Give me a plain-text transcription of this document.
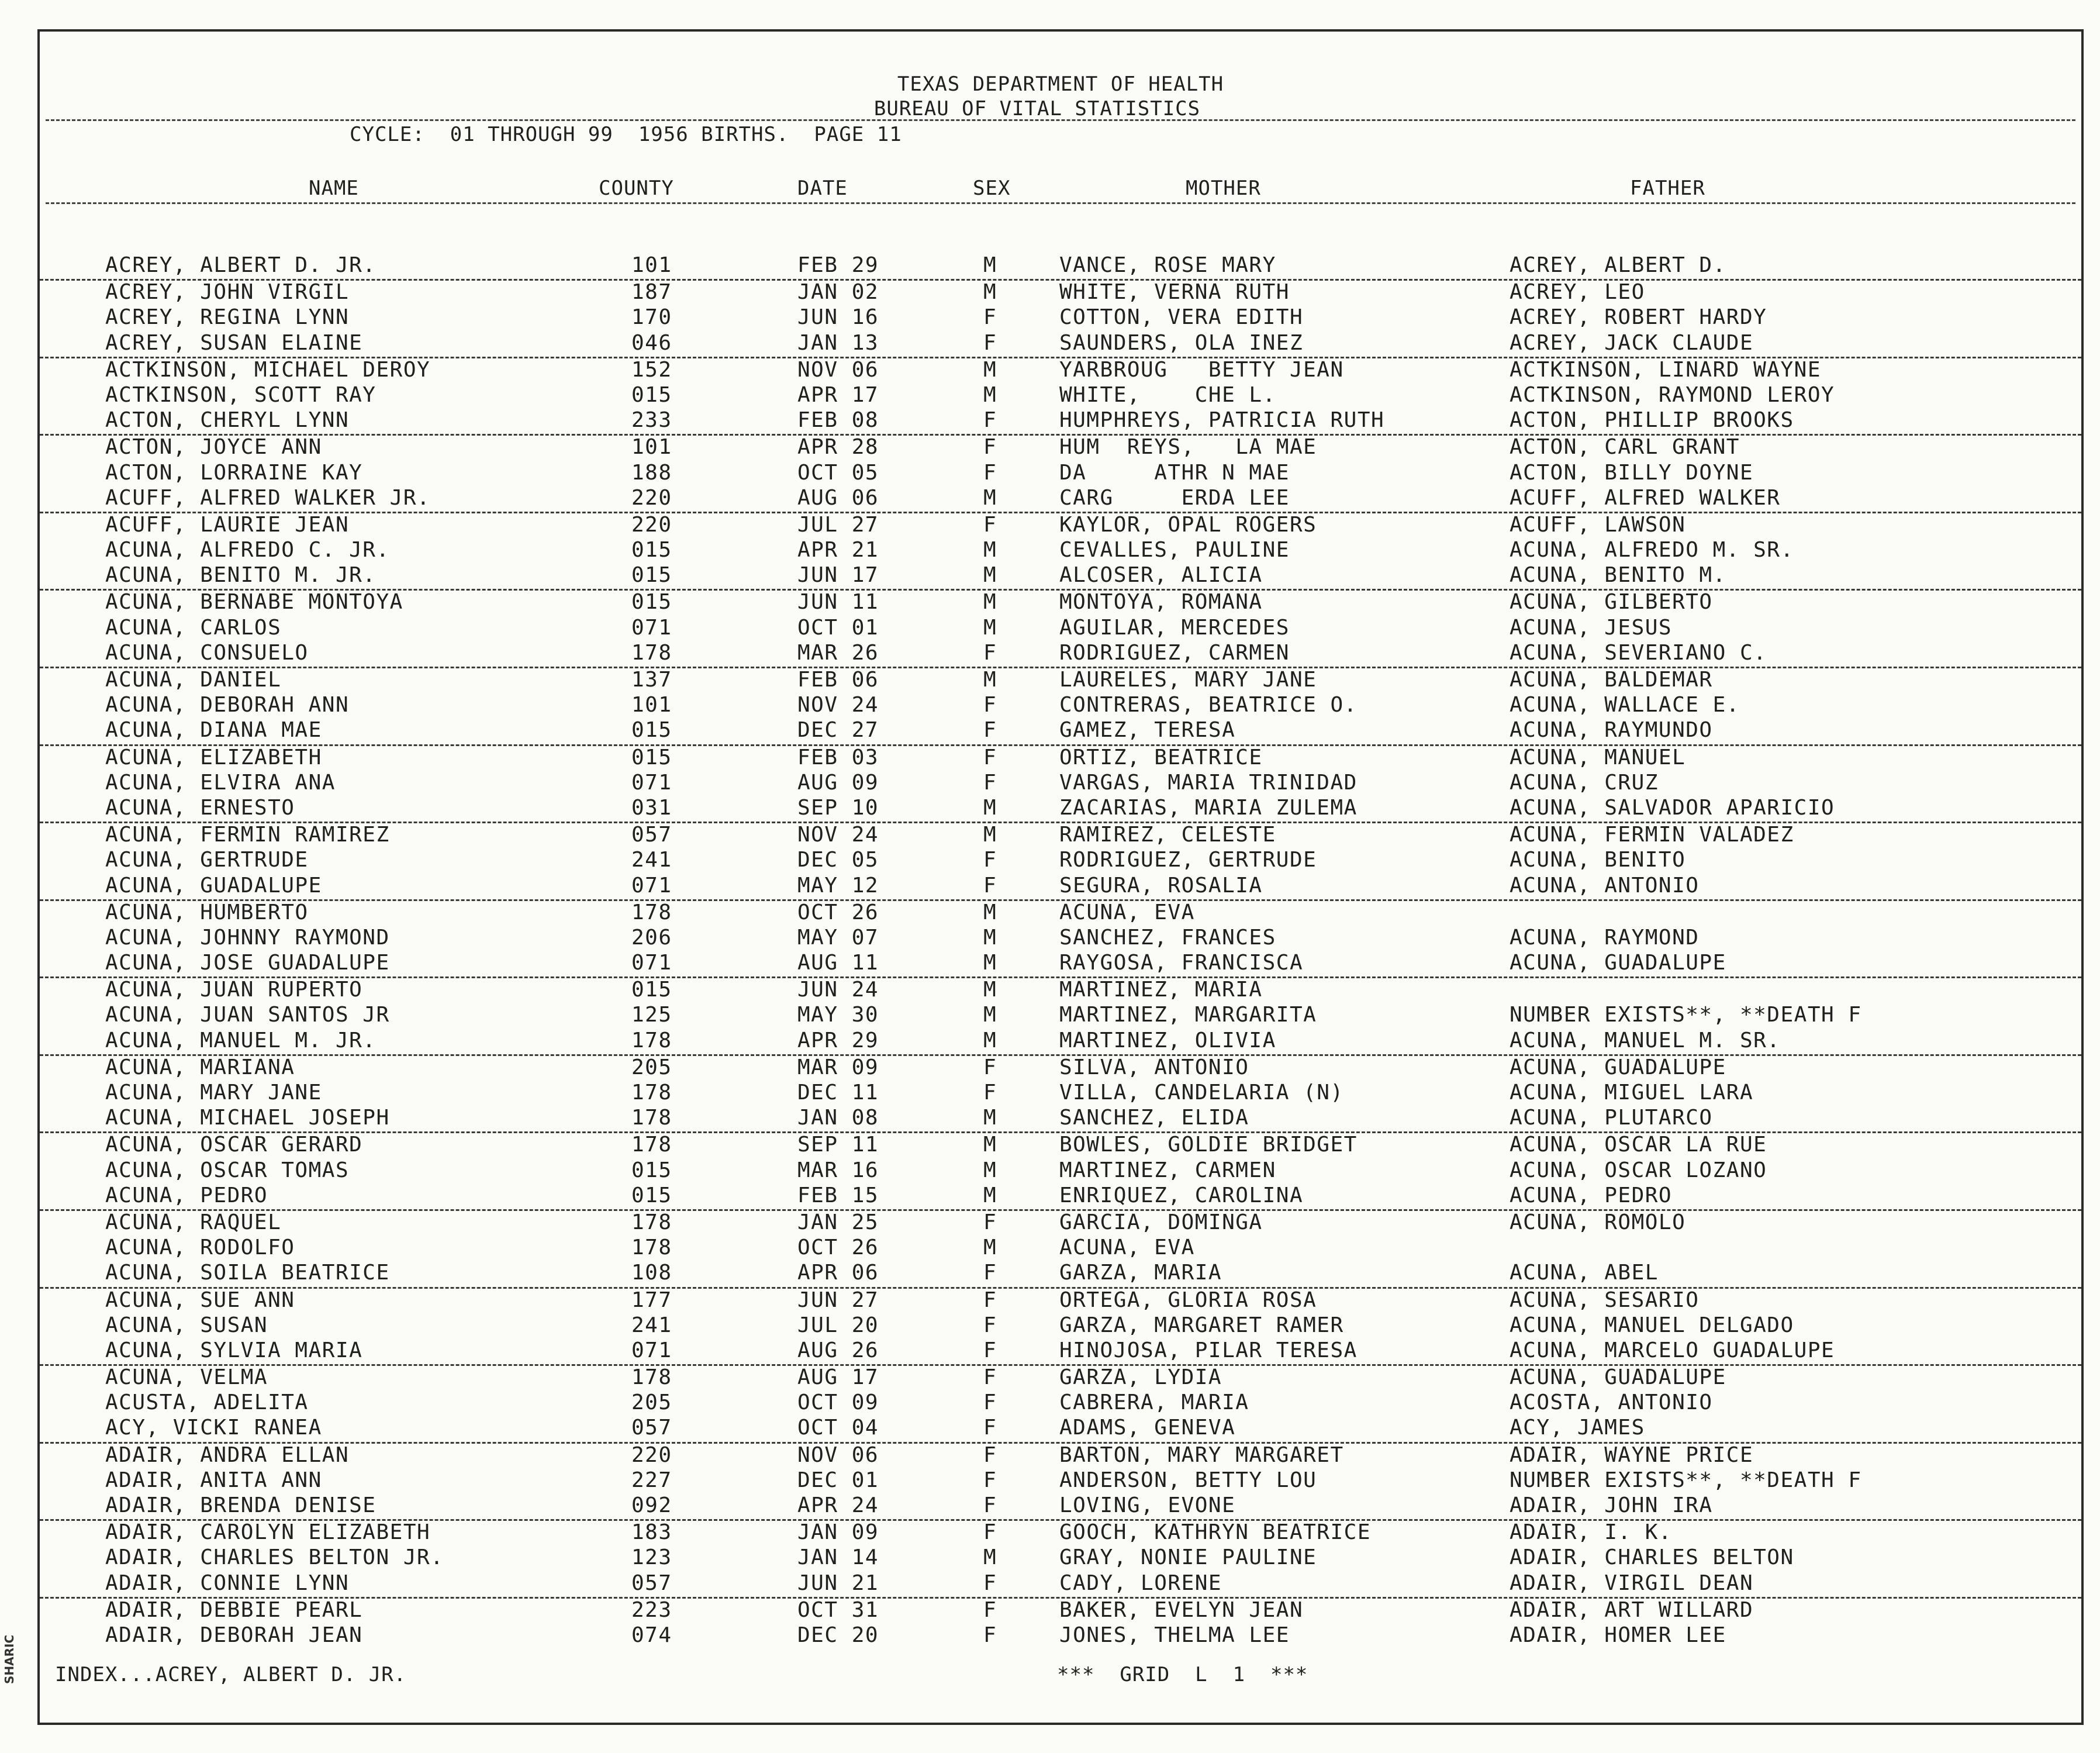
TEXAS DEPARTMENT OF HEALTH
BUREAU OF VITAL STATISTICS
CYCLE:  01 THROUGH 99  1956 BIRTHS.  PAGE 11
NAME	COUNTY	DATE	SEX	MOTHER	FATHER
ACREY, ALBERT D. JR.	101	FEB 29	M	VANCE, ROSE MARY	ACREY, ALBERT D.
ACREY, JOHN VIRGIL	187	JAN 02	M	WHITE, VERNA RUTH	ACREY, LEO
ACREY, REGINA LYNN	170	JUN 16	F	COTTON, VERA EDITH	ACREY, ROBERT HARDY
ACREY, SUSAN ELAINE	046	JAN 13	F	SAUNDERS, OLA INEZ	ACREY, JACK CLAUDE
ACTKINSON, MICHAEL DEROY	152	NOV 06	M	YARBROUG   BETTY JEAN	ACTKINSON, LINARD WAYNE
ACTKINSON, SCOTT RAY	015	APR 17	M	WHITE,    CHE L.	ACTKINSON, RAYMOND LEROY
ACTON, CHERYL LYNN	233	FEB 08	F	HUMPHREYS, PATRICIA RUTH	ACTON, PHILLIP BROOKS
ACTON, JOYCE ANN	101	APR 28	F	HUM  REYS,   LA MAE	ACTON, CARL GRANT
ACTON, LORRAINE KAY	188	OCT 05	F	DA     ATHR N MAE	ACTON, BILLY DOYNE
ACUFF, ALFRED WALKER JR.	220	AUG 06	M	CARG     ERDA LEE	ACUFF, ALFRED WALKER
ACUFF, LAURIE JEAN	220	JUL 27	F	KAYLOR, OPAL ROGERS	ACUFF, LAWSON
ACUNA, ALFREDO C. JR.	015	APR 21	M	CEVALLES, PAULINE	ACUNA, ALFREDO M. SR.
ACUNA, BENITO M. JR.	015	JUN 17	M	ALCOSER, ALICIA	ACUNA, BENITO M.
ACUNA, BERNABE MONTOYA	015	JUN 11	M	MONTOYA, ROMANA	ACUNA, GILBERTO
ACUNA, CARLOS	071	OCT 01	M	AGUILAR, MERCEDES	ACUNA, JESUS
ACUNA, CONSUELO	178	MAR 26	F	RODRIGUEZ, CARMEN	ACUNA, SEVERIANO C.
ACUNA, DANIEL	137	FEB 06	M	LAURELES, MARY JANE	ACUNA, BALDEMAR
ACUNA, DEBORAH ANN	101	NOV 24	F	CONTRERAS, BEATRICE O.	ACUNA, WALLACE E.
ACUNA, DIANA MAE	015	DEC 27	F	GAMEZ, TERESA	ACUNA, RAYMUNDO
ACUNA, ELIZABETH	015	FEB 03	F	ORTIZ, BEATRICE	ACUNA, MANUEL
ACUNA, ELVIRA ANA	071	AUG 09	F	VARGAS, MARIA TRINIDAD	ACUNA, CRUZ
ACUNA, ERNESTO	031	SEP 10	M	ZACARIAS, MARIA ZULEMA	ACUNA, SALVADOR APARICIO
ACUNA, FERMIN RAMIREZ	057	NOV 24	M	RAMIREZ, CELESTE	ACUNA, FERMIN VALADEZ
ACUNA, GERTRUDE	241	DEC 05	F	RODRIGUEZ, GERTRUDE	ACUNA, BENITO
ACUNA, GUADALUPE	071	MAY 12	F	SEGURA, ROSALIA	ACUNA, ANTONIO
ACUNA, HUMBERTO	178	OCT 26	M	ACUNA, EVA
ACUNA, JOHNNY RAYMOND	206	MAY 07	M	SANCHEZ, FRANCES	ACUNA, RAYMOND
ACUNA, JOSE GUADALUPE	071	AUG 11	M	RAYGOSA, FRANCISCA	ACUNA, GUADALUPE
ACUNA, JUAN RUPERTO	015	JUN 24	M	MARTINEZ, MARIA
ACUNA, JUAN SANTOS JR	125	MAY 30	M	MARTINEZ, MARGARITA	NUMBER EXISTS**, **DEATH F
ACUNA, MANUEL M. JR.	178	APR 29	M	MARTINEZ, OLIVIA	ACUNA, MANUEL M. SR.
ACUNA, MARIANA	205	MAR 09	F	SILVA, ANTONIO	ACUNA, GUADALUPE
ACUNA, MARY JANE	178	DEC 11	F	VILLA, CANDELARIA (N)	ACUNA, MIGUEL LARA
ACUNA, MICHAEL JOSEPH	178	JAN 08	M	SANCHEZ, ELIDA	ACUNA, PLUTARCO
ACUNA, OSCAR GERARD	178	SEP 11	M	BOWLES, GOLDIE BRIDGET	ACUNA, OSCAR LA RUE
ACUNA, OSCAR TOMAS	015	MAR 16	M	MARTINEZ, CARMEN	ACUNA, OSCAR LOZANO
ACUNA, PEDRO	015	FEB 15	M	ENRIQUEZ, CAROLINA	ACUNA, PEDRO
ACUNA, RAQUEL	178	JAN 25	F	GARCIA, DOMINGA	ACUNA, ROMOLO
ACUNA, RODOLFO	178	OCT 26	M	ACUNA, EVA
ACUNA, SOILA BEATRICE	108	APR 06	F	GARZA, MARIA	ACUNA, ABEL
ACUNA, SUE ANN	177	JUN 27	F	ORTEGA, GLORIA ROSA	ACUNA, SESARIO
ACUNA, SUSAN	241	JUL 20	F	GARZA, MARGARET RAMER	ACUNA, MANUEL DELGADO
ACUNA, SYLVIA MARIA	071	AUG 26	F	HINOJOSA, PILAR TERESA	ACUNA, MARCELO GUADALUPE
ACUNA, VELMA	178	AUG 17	F	GARZA, LYDIA	ACUNA, GUADALUPE
ACUSTA, ADELITA	205	OCT 09	F	CABRERA, MARIA	ACOSTA, ANTONIO
ACY, VICKI RANEA	057	OCT 04	F	ADAMS, GENEVA	ACY, JAMES
ADAIR, ANDRA ELLAN	220	NOV 06	F	BARTON, MARY MARGARET	ADAIR, WAYNE PRICE
ADAIR, ANITA ANN	227	DEC 01	F	ANDERSON, BETTY LOU	NUMBER EXISTS**, **DEATH F
ADAIR, BRENDA DENISE	092	APR 24	F	LOVING, EVONE	ADAIR, JOHN IRA
ADAIR, CAROLYN ELIZABETH	183	JAN 09	F	GOOCH, KATHRYN BEATRICE	ADAIR, I. K.
ADAIR, CHARLES BELTON JR.	123	JAN 14	M	GRAY, NONIE PAULINE	ADAIR, CHARLES BELTON
ADAIR, CONNIE LYNN	057	JUN 21	F	CADY, LORENE	ADAIR, VIRGIL DEAN
ADAIR, DEBBIE PEARL	223	OCT 31	F	BAKER, EVELYN JEAN	ADAIR, ART WILLARD
ADAIR, DEBORAH JEAN	074	DEC 20	F	JONES, THELMA LEE	ADAIR, HOMER LEE
INDEX...ACREY, ALBERT D. JR.	***  GRID  L  1  ***
SHARIC
